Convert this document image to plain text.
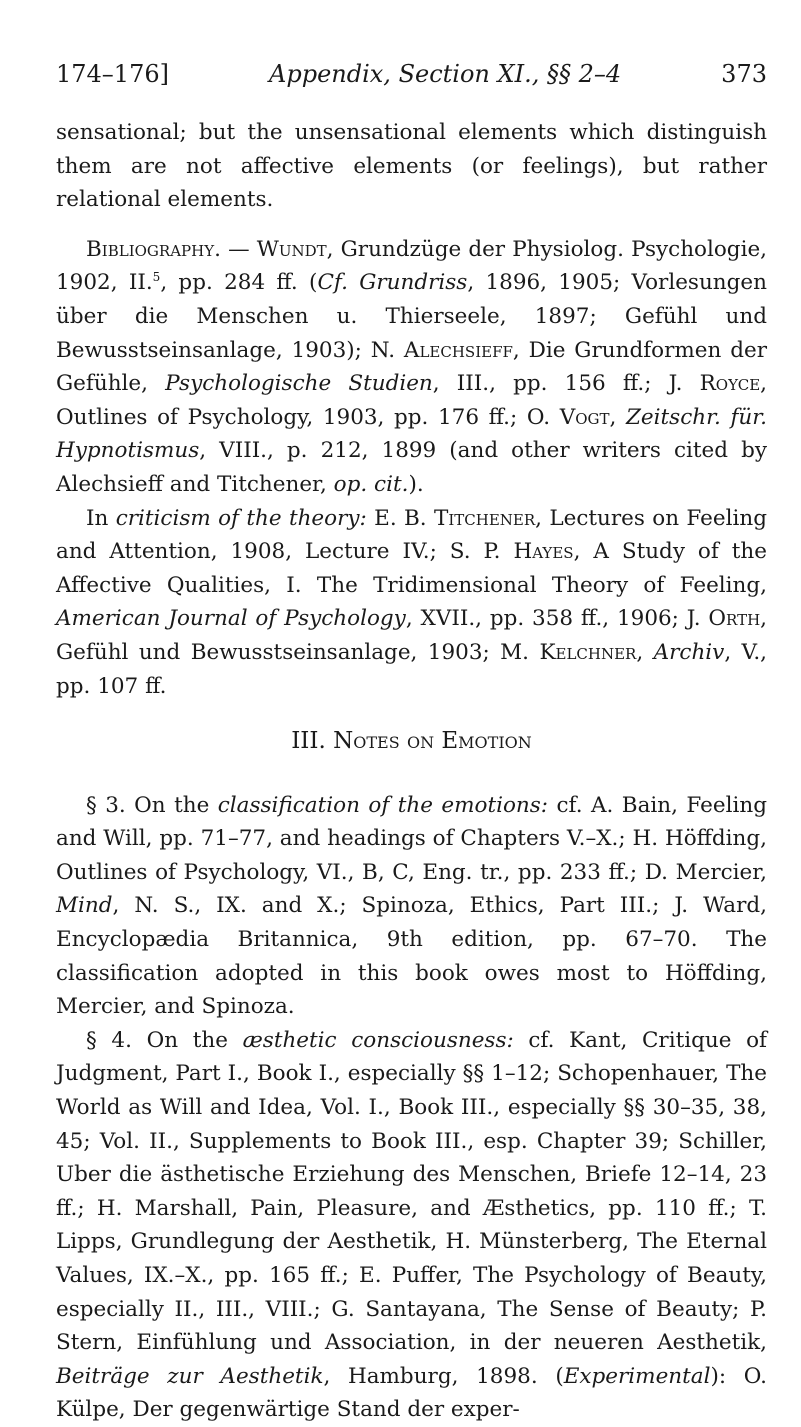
174–176]	Appendix, Section XI., §§ 2–4	373

sensational; but the unsensational elements which distinguish them are not affective elements (or feelings), but rather relational elements.

Bibliography. — Wundt, Grundzüge der Physiolog. Psychologie, 1902, II.$^5$, pp. 284 ff. (Cf. Grundriss, 1896, 1905; Vorlesungen über die Menschen u. Thierseele, 1897; Gefühl und Bewusstseinsanlage, 1903); N. Alechsieff, Die Grundformen der Gefühle, Psychologische Studien, III., pp. 156 ff.; J. Royce, Outlines of Psychology, 1903, pp. 176 ff.; O. Vogt, Zeitschr. für. Hypnotismus, VIII., p. 212, 1899 (and other writers cited by Alechsieff and Titchener, op. cit.).

In criticism of the theory: E. B. Titchener, Lectures on Feeling and Attention, 1908, Lecture IV.; S. P. Hayes, A Study of the Affective Qualities, I. The Tridimensional Theory of Feeling, American Journal of Psychology, XVII., pp. 358 ff., 1906; J. Orth, Gefühl und Bewusstseinsanlage, 1903; M. Kelchner, Archiv, V., pp. 107 ff.

III. Notes on Emotion

§ 3. On the classification of the emotions: cf. A. Bain, Feeling and Will, pp. 71–77, and headings of Chapters V.–X.; H. Höffding, Outlines of Psychology, VI., B, C, Eng. tr., pp. 233 ff.; D. Mercier, Mind, N. S., IX. and X.; Spinoza, Ethics, Part III.; J. Ward, Encyclopædia Britannica, 9th edition, pp. 67–70. The classification adopted in this book owes most to Höffding, Mercier, and Spinoza.

§ 4. On the æsthetic consciousness: cf. Kant, Critique of Judgment, Part I., Book I., especially §§ 1–12; Schopenhauer, The World as Will and Idea, Vol. I., Book III., especially §§ 30–35, 38, 45; Vol. II., Supplements to Book III., esp. Chapter 39; Schiller, Uber die ästhetische Erziehung des Menschen, Briefe 12–14, 23 ff.; H. Marshall, Pain, Pleasure, and Æsthetics, pp. 110 ff.; T. Lipps, Grundlegung der Aesthetik, H. Münsterberg, The Eternal Values, IX.–X., pp. 165 ff.; E. Puffer, The Psychology of Beauty, especially II., III., VIII.; G. Santayana, The Sense of Beauty; P. Stern, Einfühlung und Association, in der neueren Aesthetik, Beiträge zur Aesthetik, Hamburg, 1898. (Experimental): O. Külpe, Der gegenwärtige Stand der exper-
